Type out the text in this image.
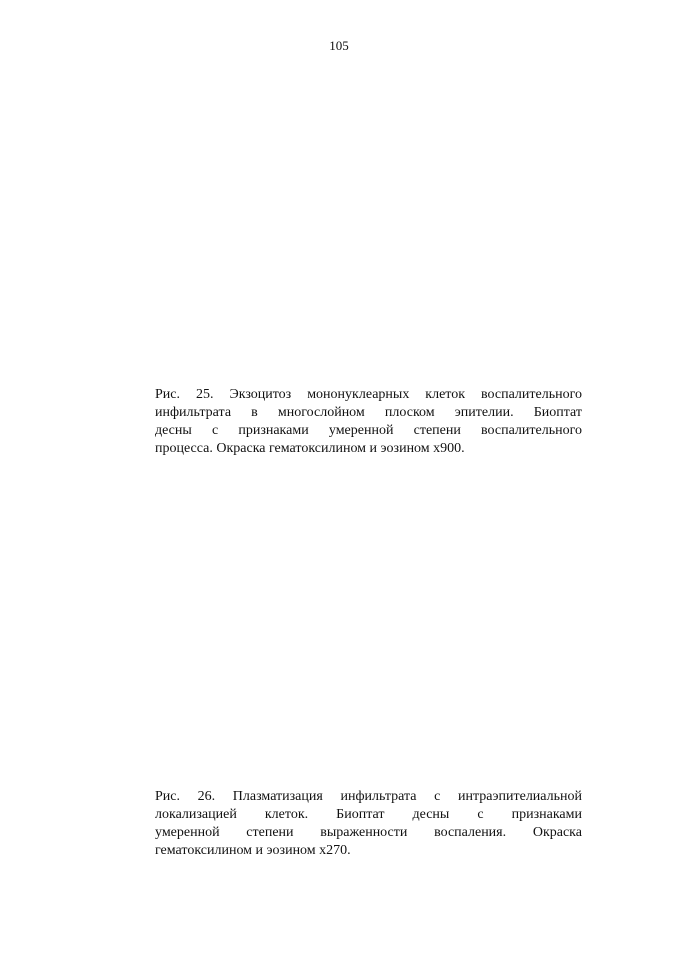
105
Рис. 25. Экзоцитоз мононуклеарных клеток воспалительного
инфильтрата в многослойном плоском эпителии. Биоптат
десны с признаками умеренной степени воспалительного
процесса. Окраска гематоксилином и эозином x900.
Рис. 26. Плазматизация инфильтрата с интраэпителиальной
локализацией клеток. Биоптат десны с признаками
умеренной степени выраженности воспаления. Окраска
гематоксилином и эозином x270.
